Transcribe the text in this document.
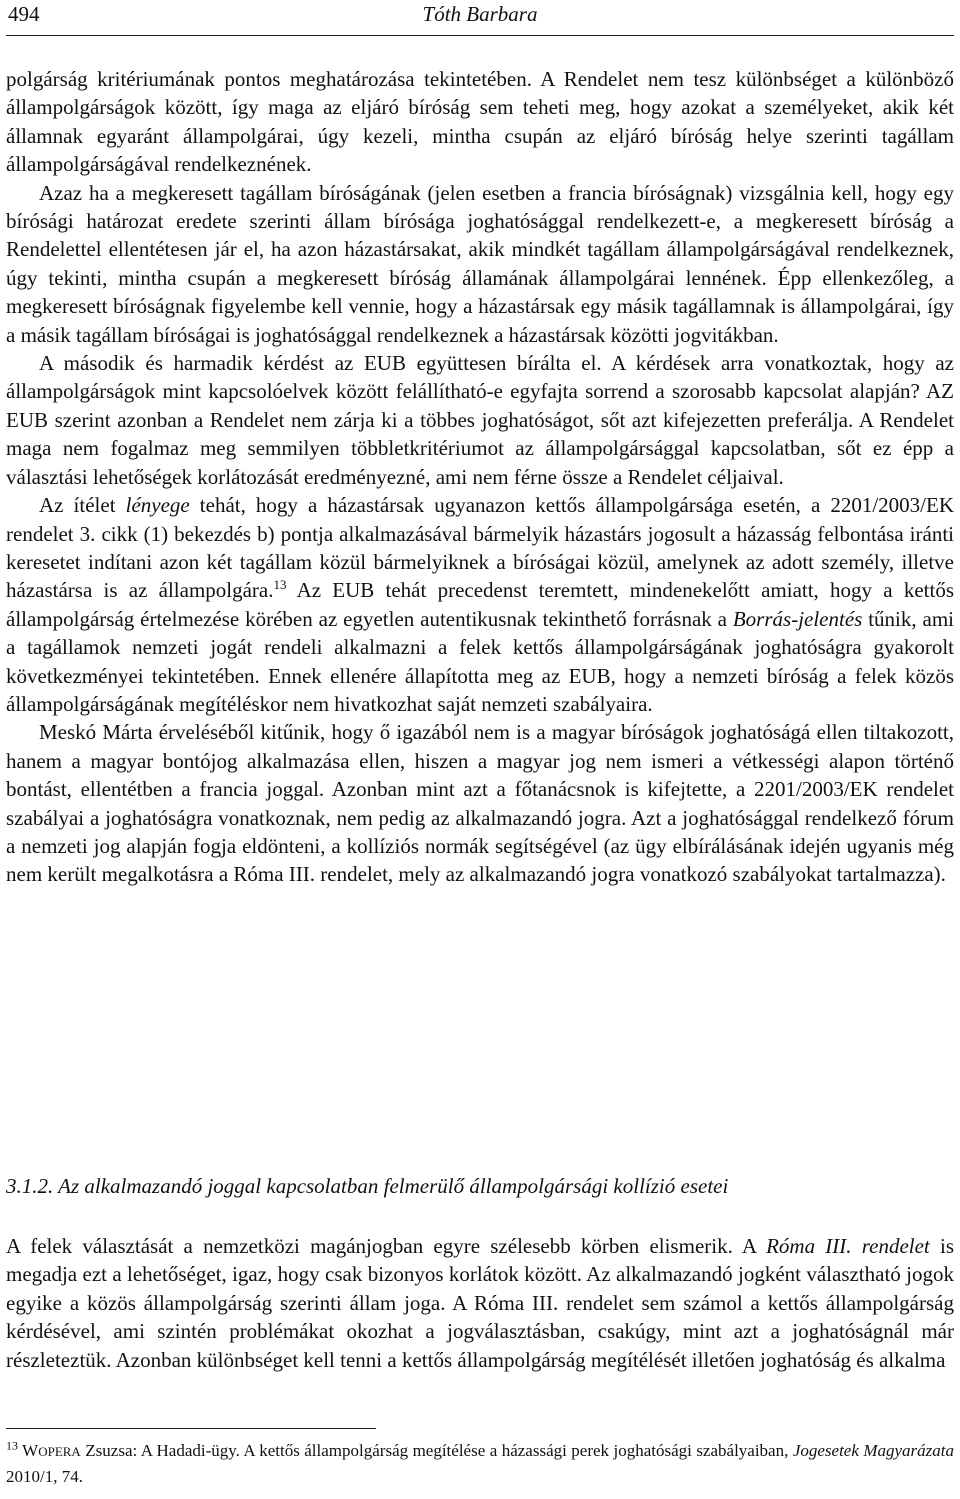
494	Tóth Barbara

polgárság kritériumának pontos meghatározása tekintetében. A Rendelet nem tesz különbséget a különböző állampolgárságok között, így maga az eljáró bíróság sem teheti meg, hogy azokat a személyeket, akik két államnak egyaránt állampolgárai, úgy kezeli, mintha csupán az eljáró bíróság helye szerinti tagállam állampolgárságával rendelkeznének.

Azaz ha a megkeresett tagállam bíróságának (jelen esetben a francia bíróságnak) vizsgálnia kell, hogy egy bírósági határozat eredete szerinti állam bírósága joghatósággal rendelkezett-e, a megkeresett bíróság a Rendelettel ellentétesen jár el, ha azon házastársakat, akik mindkét tagállam állampolgárságával rendelkeznek, úgy tekinti, mintha csupán a megkeresett bíróság államának állampolgárai lennének. Épp ellenkezőleg, a megkeresett bíróságnak figyelembe kell vennie, hogy a házastársak egy másik tagállamnak is állampolgárai, így a másik tagállam bíróságai is joghatósággal rendelkeznek a házastársak közötti jogvitákban.

A második és harmadik kérdést az EUB együttesen bírálta el. A kérdések arra vonatkoztak, hogy az állampolgárságok mint kapcsolóelvek között felállítható-e egyfajta sorrend a szorosabb kapcsolat alapján? AZ EUB szerint azonban a Rendelet nem zárja ki a többes joghatóságot, sőt azt kifejezetten preferálja. A Rendelet maga nem fogalmaz meg semmilyen többletkritériumot az állampolgársággal kapcsolatban, sőt ez épp a választási lehetőségek korlátozását eredményezné, ami nem férne össze a Rendelet céljaival.

Az ítélet lényege tehát, hogy a házastársak ugyanazon kettős állampolgársága esetén, a 2201/2003/EK rendelet 3. cikk (1) bekezdés b) pontja alkalmazásával bármelyik házastárs jogosult a házasság felbontása iránti keresetet indítani azon két tagállam közül bármelyiknek a bíróságai közül, amelynek az adott személy, illetve házastársa is az állampolgára.$^{13}$ Az EUB tehát precedenst teremtett, mindenekelőtt amiatt, hogy a kettős állampolgárság értelmezése körében az egyetlen autentikusnak tekinthető forrásnak a Borrás-jelentés tűnik, ami a tagállamok nemzeti jogát rendeli alkalmazni a felek kettős állampolgárságának joghatóságra gyakorolt következményei tekintetében. Ennek ellenére állapította meg az EUB, hogy a nemzeti bíróság a felek közös állampolgárságának megítéléskor nem hivatkozhat saját nemzeti szabályaira.

Meskó Márta érveléséből kitűnik, hogy ő igazából nem is a magyar bíróságok joghatóságá ellen tiltakozott, hanem a magyar bontójog alkalmazása ellen, hiszen a magyar jog nem ismeri a vétkességi alapon történő bontást, ellentétben a francia joggal. Azonban mint azt a főtanácsnok is kifejtette, a 2201/2003/EK rendelet szabályai a joghatóságra vonatkoznak, nem pedig az alkalmazandó jogra. Azt a joghatósággal rendelkező fórum a nemzeti jog alapján fogja eldönteni, a kollíziós normák segítségével (az ügy elbírálásának idején ugyanis még nem került megalkotásra a Róma III. rendelet, mely az alkalmazandó jogra vonatkozó szabályokat tartalmazza).

3.1.2. Az alkalmazandó joggal kapcsolatban felmerülő állampolgársági kollízió esetei

A felek választását a nemzetközi magánjogban egyre szélesebb körben elismerik. A Róma III. rendelet is megadja ezt a lehetőséget, igaz, hogy csak bizonyos korlátok között. Az alkalmazandó jogként választható jogok egyike a közös állampolgárság szerinti állam joga. A Róma III. rendelet sem számol a kettős állampolgárság kérdésével, ami szintén problémákat okozhat a jogválasztásban, csakúgy, mint azt a joghatóságnál már részleteztük. Azonban különbséget kell tenni a kettős állampolgárság megítélését illetően joghatóság és alkalma

$^{13}$ WOPERA Zsuzsa: A Hadadi-ügy. A kettős állampolgárság megítélése a házassági perek joghatósági szabályaiban, Jogesetek Magyarázata 2010/1, 74.
